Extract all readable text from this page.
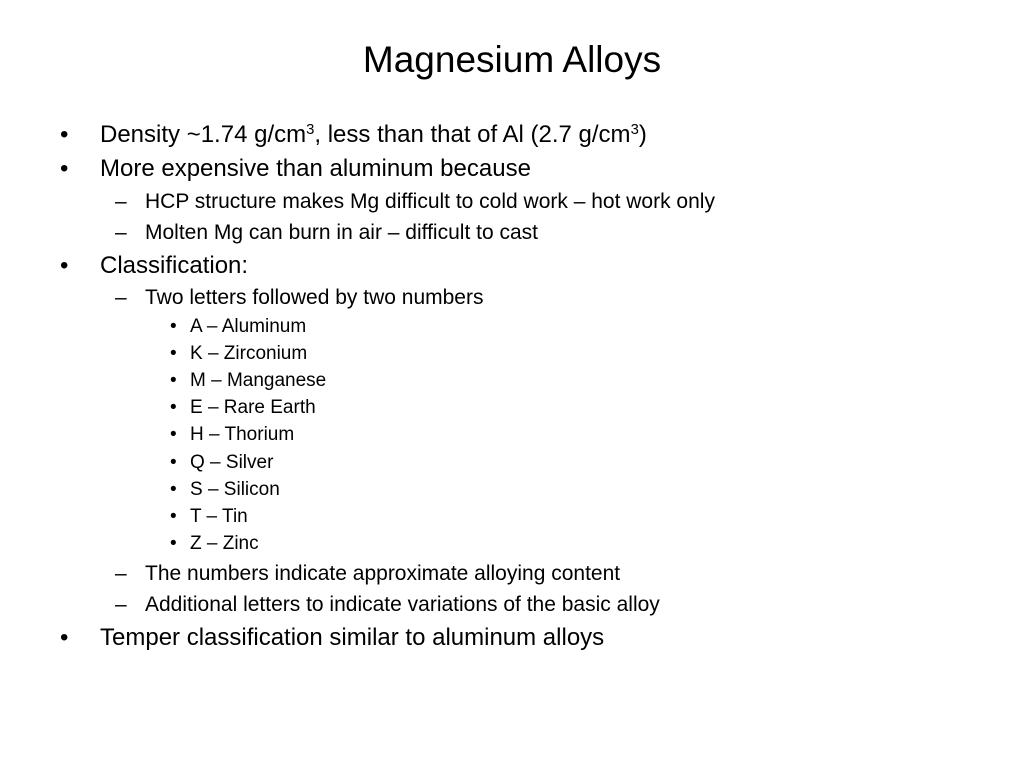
Magnesium Alloys
• Density ~1.74 $g/cm^3$, less than that of Al (2.7 $g/cm^3$)
• More expensive than aluminum because
– HCP structure makes Mg difficult to cold work – hot work only
– Molten Mg can burn in air – difficult to cast
• Classification:
– Two letters followed by two numbers
• A – Aluminum
• K – Zirconium
• M – Manganese
• E – Rare Earth
• H – Thorium
• Q – Silver
• S – Silicon
• T – Tin
• Z – Zinc
– The numbers indicate approximate alloying content
– Additional letters to indicate variations of the basic alloy
• Temper classification similar to aluminum alloys
